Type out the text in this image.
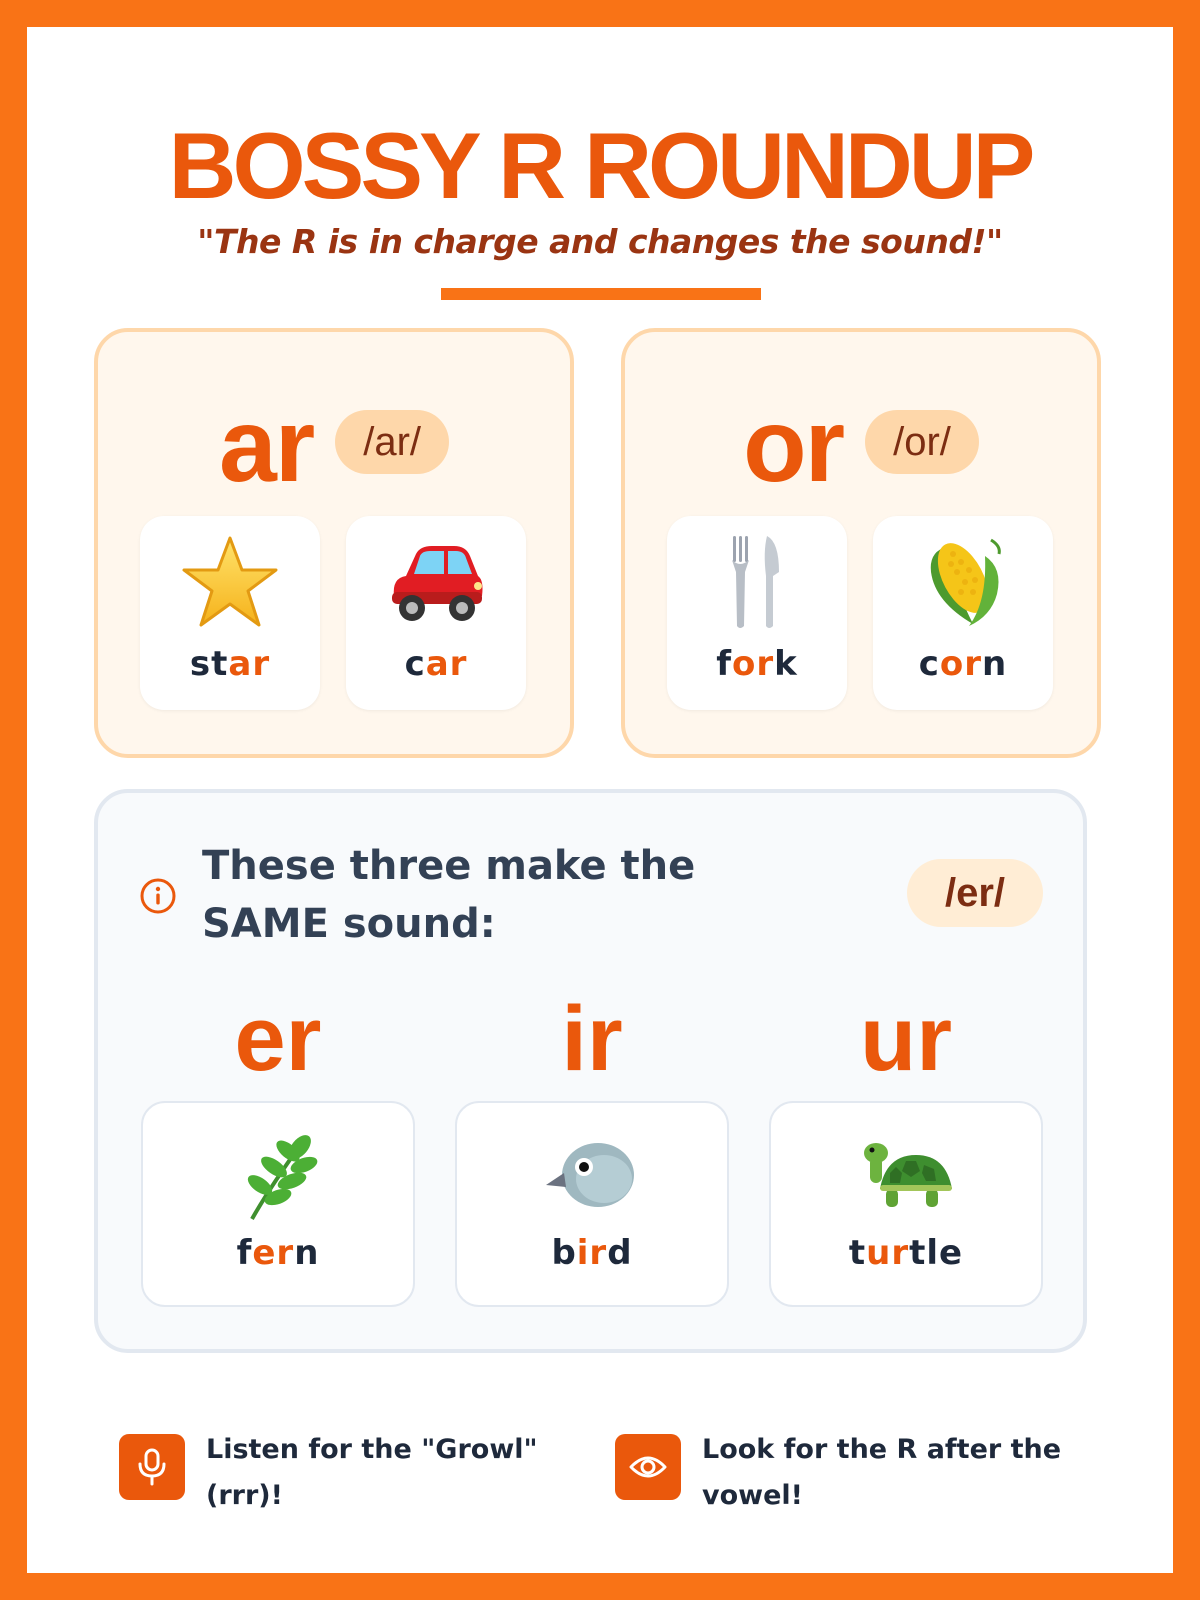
BOSSY R ROUNDUP
"The R is in charge and changes the sound!"
ar	/ar/
star	car
or	/or/
fork	corn
These three make the SAME sound:
/er/
er	ir	ur
fern	bird	turtle
Listen for the "Growl" (rrr)!
Look for the R after the vowel!
